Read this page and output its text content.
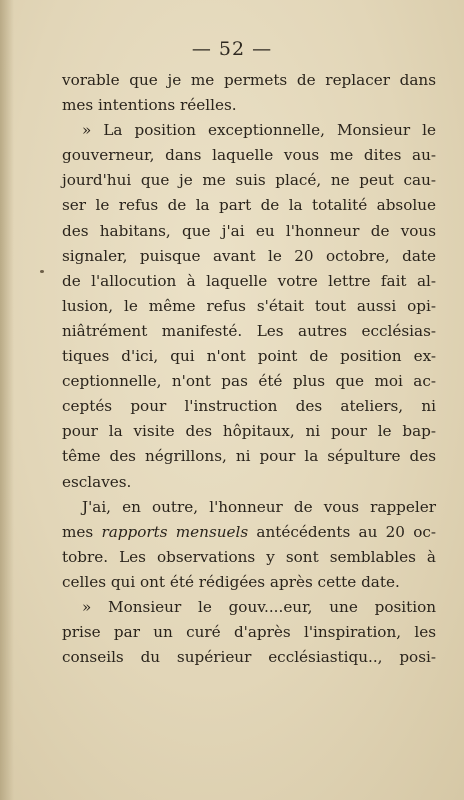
— 52 —
vorable que je me permets de replacer dans
mes intentions réelles.
» La position exceptionnelle, Monsieur le
gouverneur, dans laquelle vous me dites au-
jourd'hui que je me suis placé, ne peut cau-
ser le refus de la part de la totalité absolue
des habitans, que j'ai eu l'honneur de vous
signaler, puisque avant le 20 octobre, date
de l'allocution à laquelle votre lettre fait al-
lusion, le même refus s'était tout aussi opi-
niâtrément manifesté. Les autres ecclésias-
tiques d'ici, qui n'ont point de position ex-
ceptionnelle, n'ont pas été plus que moi ac-
ceptés pour l'instruction des ateliers, ni
pour la visite des hôpitaux, ni pour le bap-
tême des négrillons, ni pour la sépulture des
esclaves.
J'ai, en outre, l'honneur de vous rappeler
mes rapports mensuels antécédents au 20 oc-
tobre. Les observations y sont semblables à
celles qui ont été rédigées après cette date.
» Monsieur le gouv....eur, une position
prise par un curé d'après l'inspiration, les
conseils du supérieur ecclésiastiqu.., posi-
